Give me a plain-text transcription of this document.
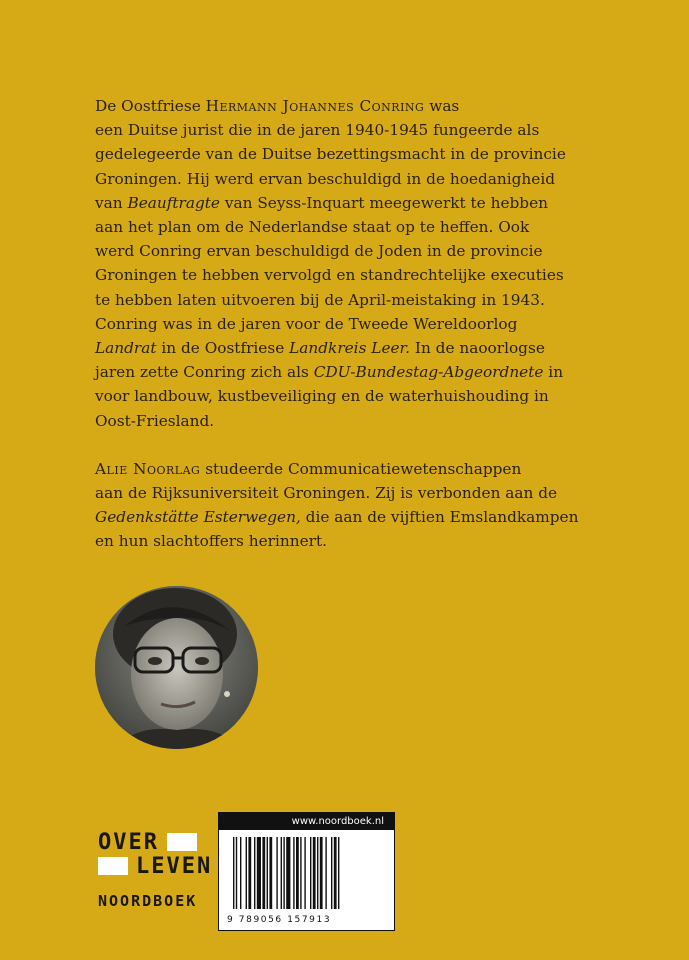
De Oostfriese Hermann Johannes Conring was
een Duitse jurist die in de jaren 1940-1945 fungeerde als
gedelegeerde van de Duitse bezettingsmacht in de provincie
Groningen. Hij werd ervan beschuldigd in de hoedanigheid
van Beauftragte van Seyss-Inquart meegewerkt te hebben
aan het plan om de Nederlandse staat op te heffen. Ook
werd Conring ervan beschuldigd de Joden in de provincie
Groningen te hebben vervolgd en standrechtelijke executies
te hebben laten uitvoeren bij de April-meistaking in 1943.
Conring was in de jaren voor de Tweede Wereldoorlog
Landrat in de Oostfriese Landkreis Leer. In de naoorlogse
jaren zette Conring zich als CDU-Bundestag-Abgeordnete in
voor landbouw, kustbeveiliging en de waterhuishouding in
Oost-Friesland.

Alie Noorlag studeerde Communicatiewetenschappen
aan de Rijksuniversiteit Groningen. Zij is verbonden aan de
Gedenkstätte Esterwegen, die aan de vijftien Emslandkampen
en hun slachtoffers herinnert.

OVER
LEVEN
NOORDBOEK
www.noordboek.nl
9 789056 157913
